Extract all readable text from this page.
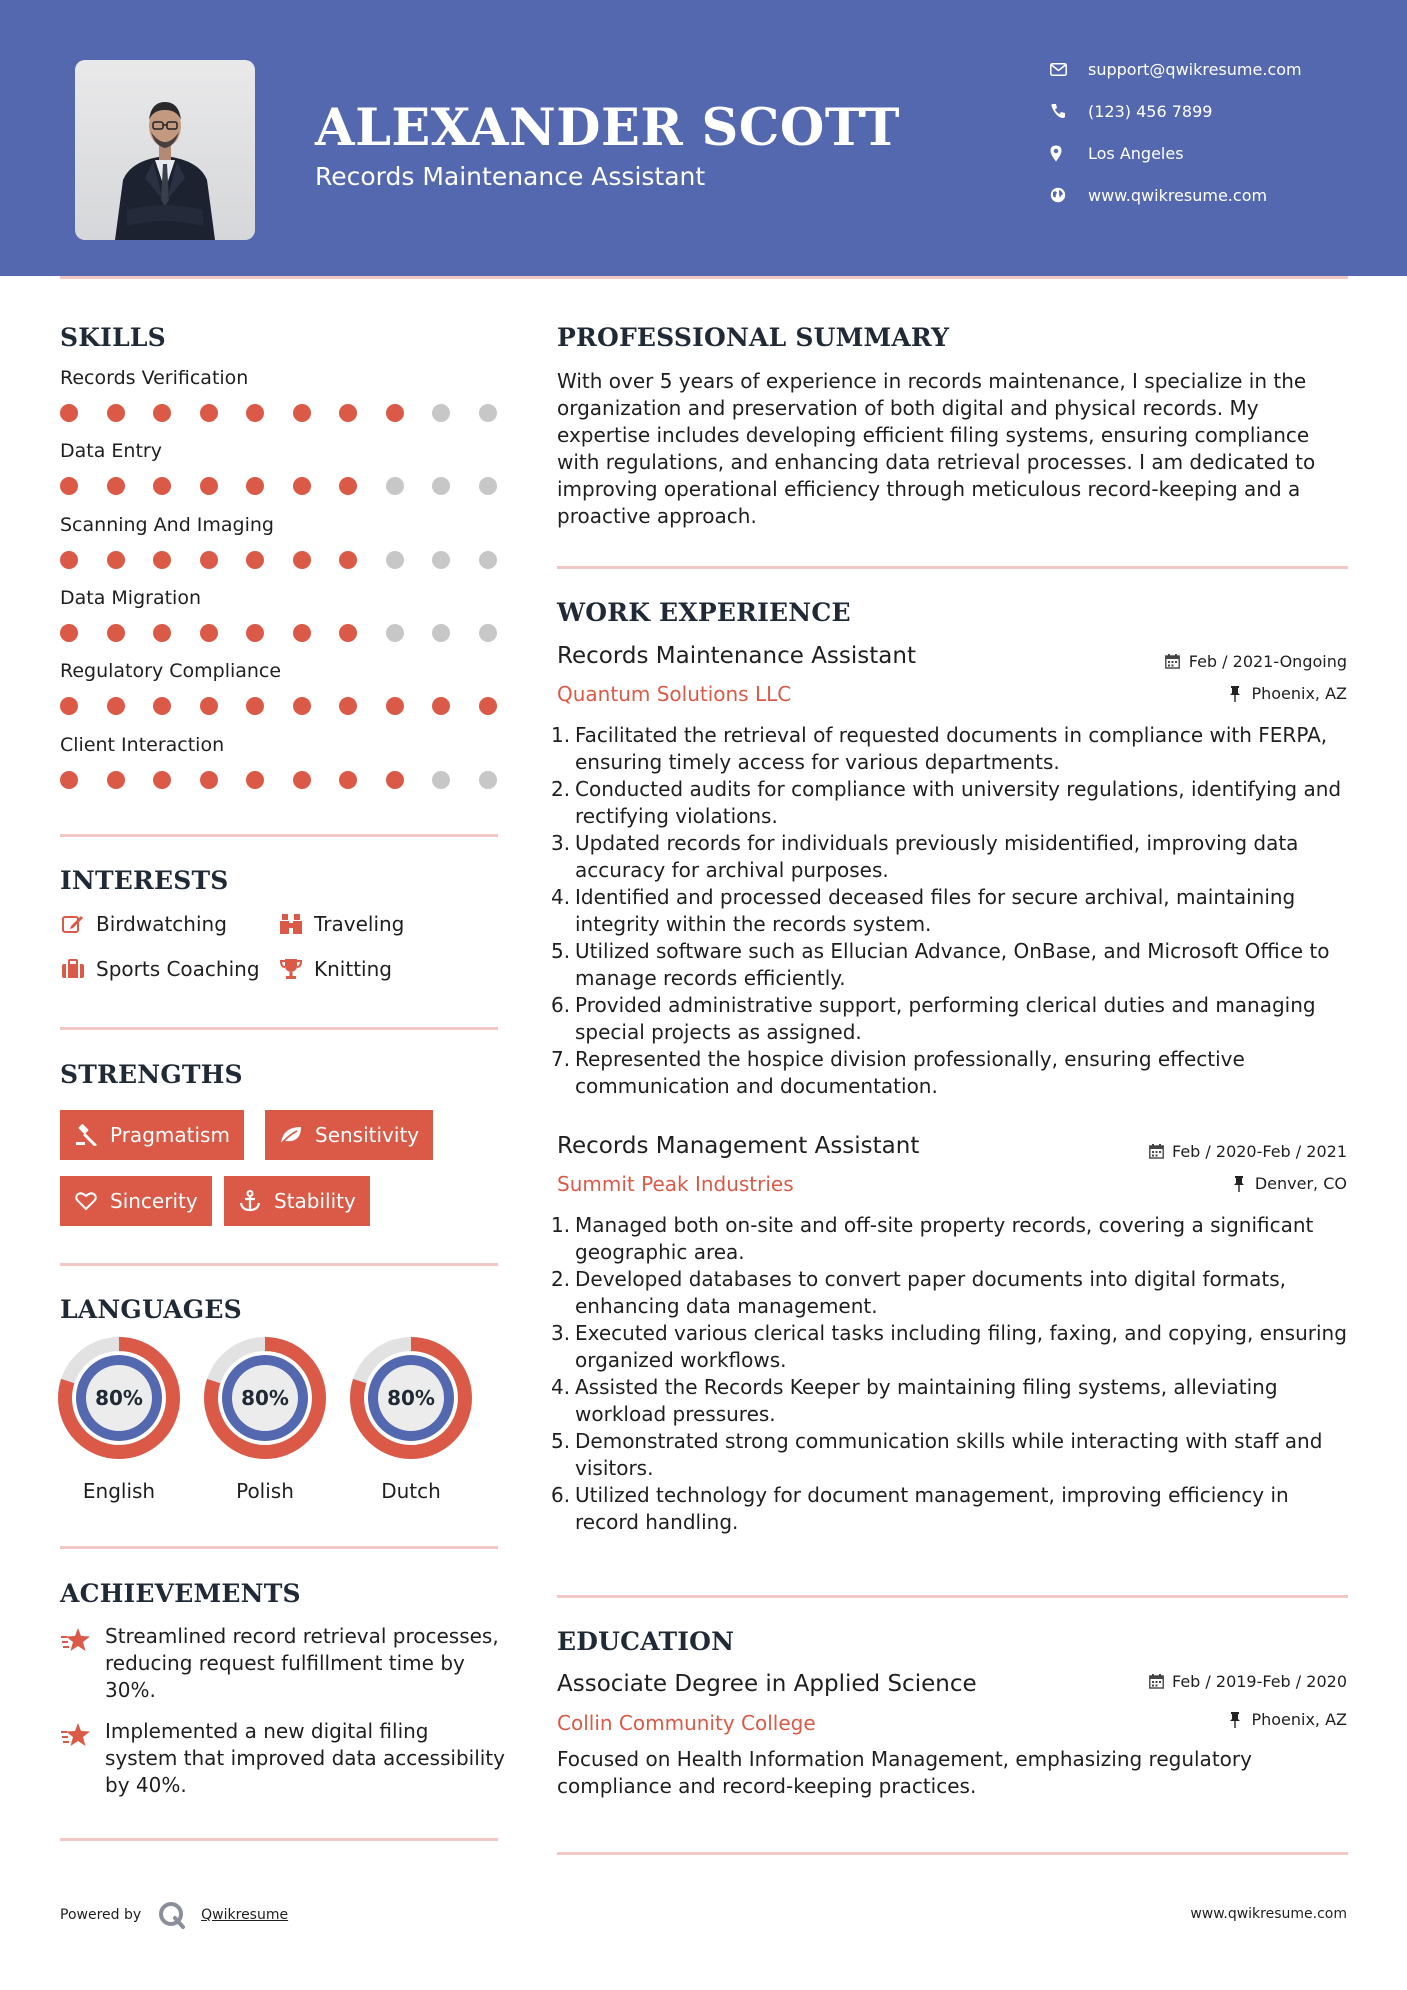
ALEXANDER SCOTT
Records Maintenance Assistant
support@qwikresume.com
(123) 456 7899
Los Angeles
www.qwikresume.com
SKILLS
Records Verification
Data Entry
Scanning And Imaging
Data Migration
Regulatory Compliance
Client Interaction
INTERESTS
Birdwatching	Traveling
Sports Coaching	Knitting
STRENGTHS
Pragmatism	Sensitivity
Sincerity	Stability
LANGUAGES
80%
English
80%
Polish
80%
Dutch
ACHIEVEMENTS
Streamlined record retrieval processes, reducing request fulfillment time by 30%.
Implemented a new digital filing system that improved data accessibility by 40%.
PROFESSIONAL SUMMARY
With over 5 years of experience in records maintenance, I specialize in the organization and preservation of both digital and physical records. My expertise includes developing efficient filing systems, ensuring compliance with regulations, and enhancing data retrieval processes. I am dedicated to improving operational efficiency through meticulous record-keeping and a proactive approach.
WORK EXPERIENCE
Records Maintenance Assistant	Feb / 2021-Ongoing
Quantum Solutions LLC	Phoenix, AZ
1. Facilitated the retrieval of requested documents in compliance with FERPA, ensuring timely access for various departments.
2. Conducted audits for compliance with university regulations, identifying and rectifying violations.
3. Updated records for individuals previously misidentified, improving data accuracy for archival purposes.
4. Identified and processed deceased files for secure archival, maintaining integrity within the records system.
5. Utilized software such as Ellucian Advance, OnBase, and Microsoft Office to manage records efficiently.
6. Provided administrative support, performing clerical duties and managing special projects as assigned.
7. Represented the hospice division professionally, ensuring effective communication and documentation.
Records Management Assistant	Feb / 2020-Feb / 2021
Summit Peak Industries	Denver, CO
1. Managed both on-site and off-site property records, covering a significant geographic area.
2. Developed databases to convert paper documents into digital formats, enhancing data management.
3. Executed various clerical tasks including filing, faxing, and copying, ensuring organized workflows.
4. Assisted the Records Keeper by maintaining filing systems, alleviating workload pressures.
5. Demonstrated strong communication skills while interacting with staff and visitors.
6. Utilized technology for document management, improving efficiency in record handling.
EDUCATION
Associate Degree in Applied Science	Feb / 2019-Feb / 2020
Collin Community College	Phoenix, AZ
Focused on Health Information Management, emphasizing regulatory compliance and record-keeping practices.
Powered by	Qwikresume	www.qwikresume.com
